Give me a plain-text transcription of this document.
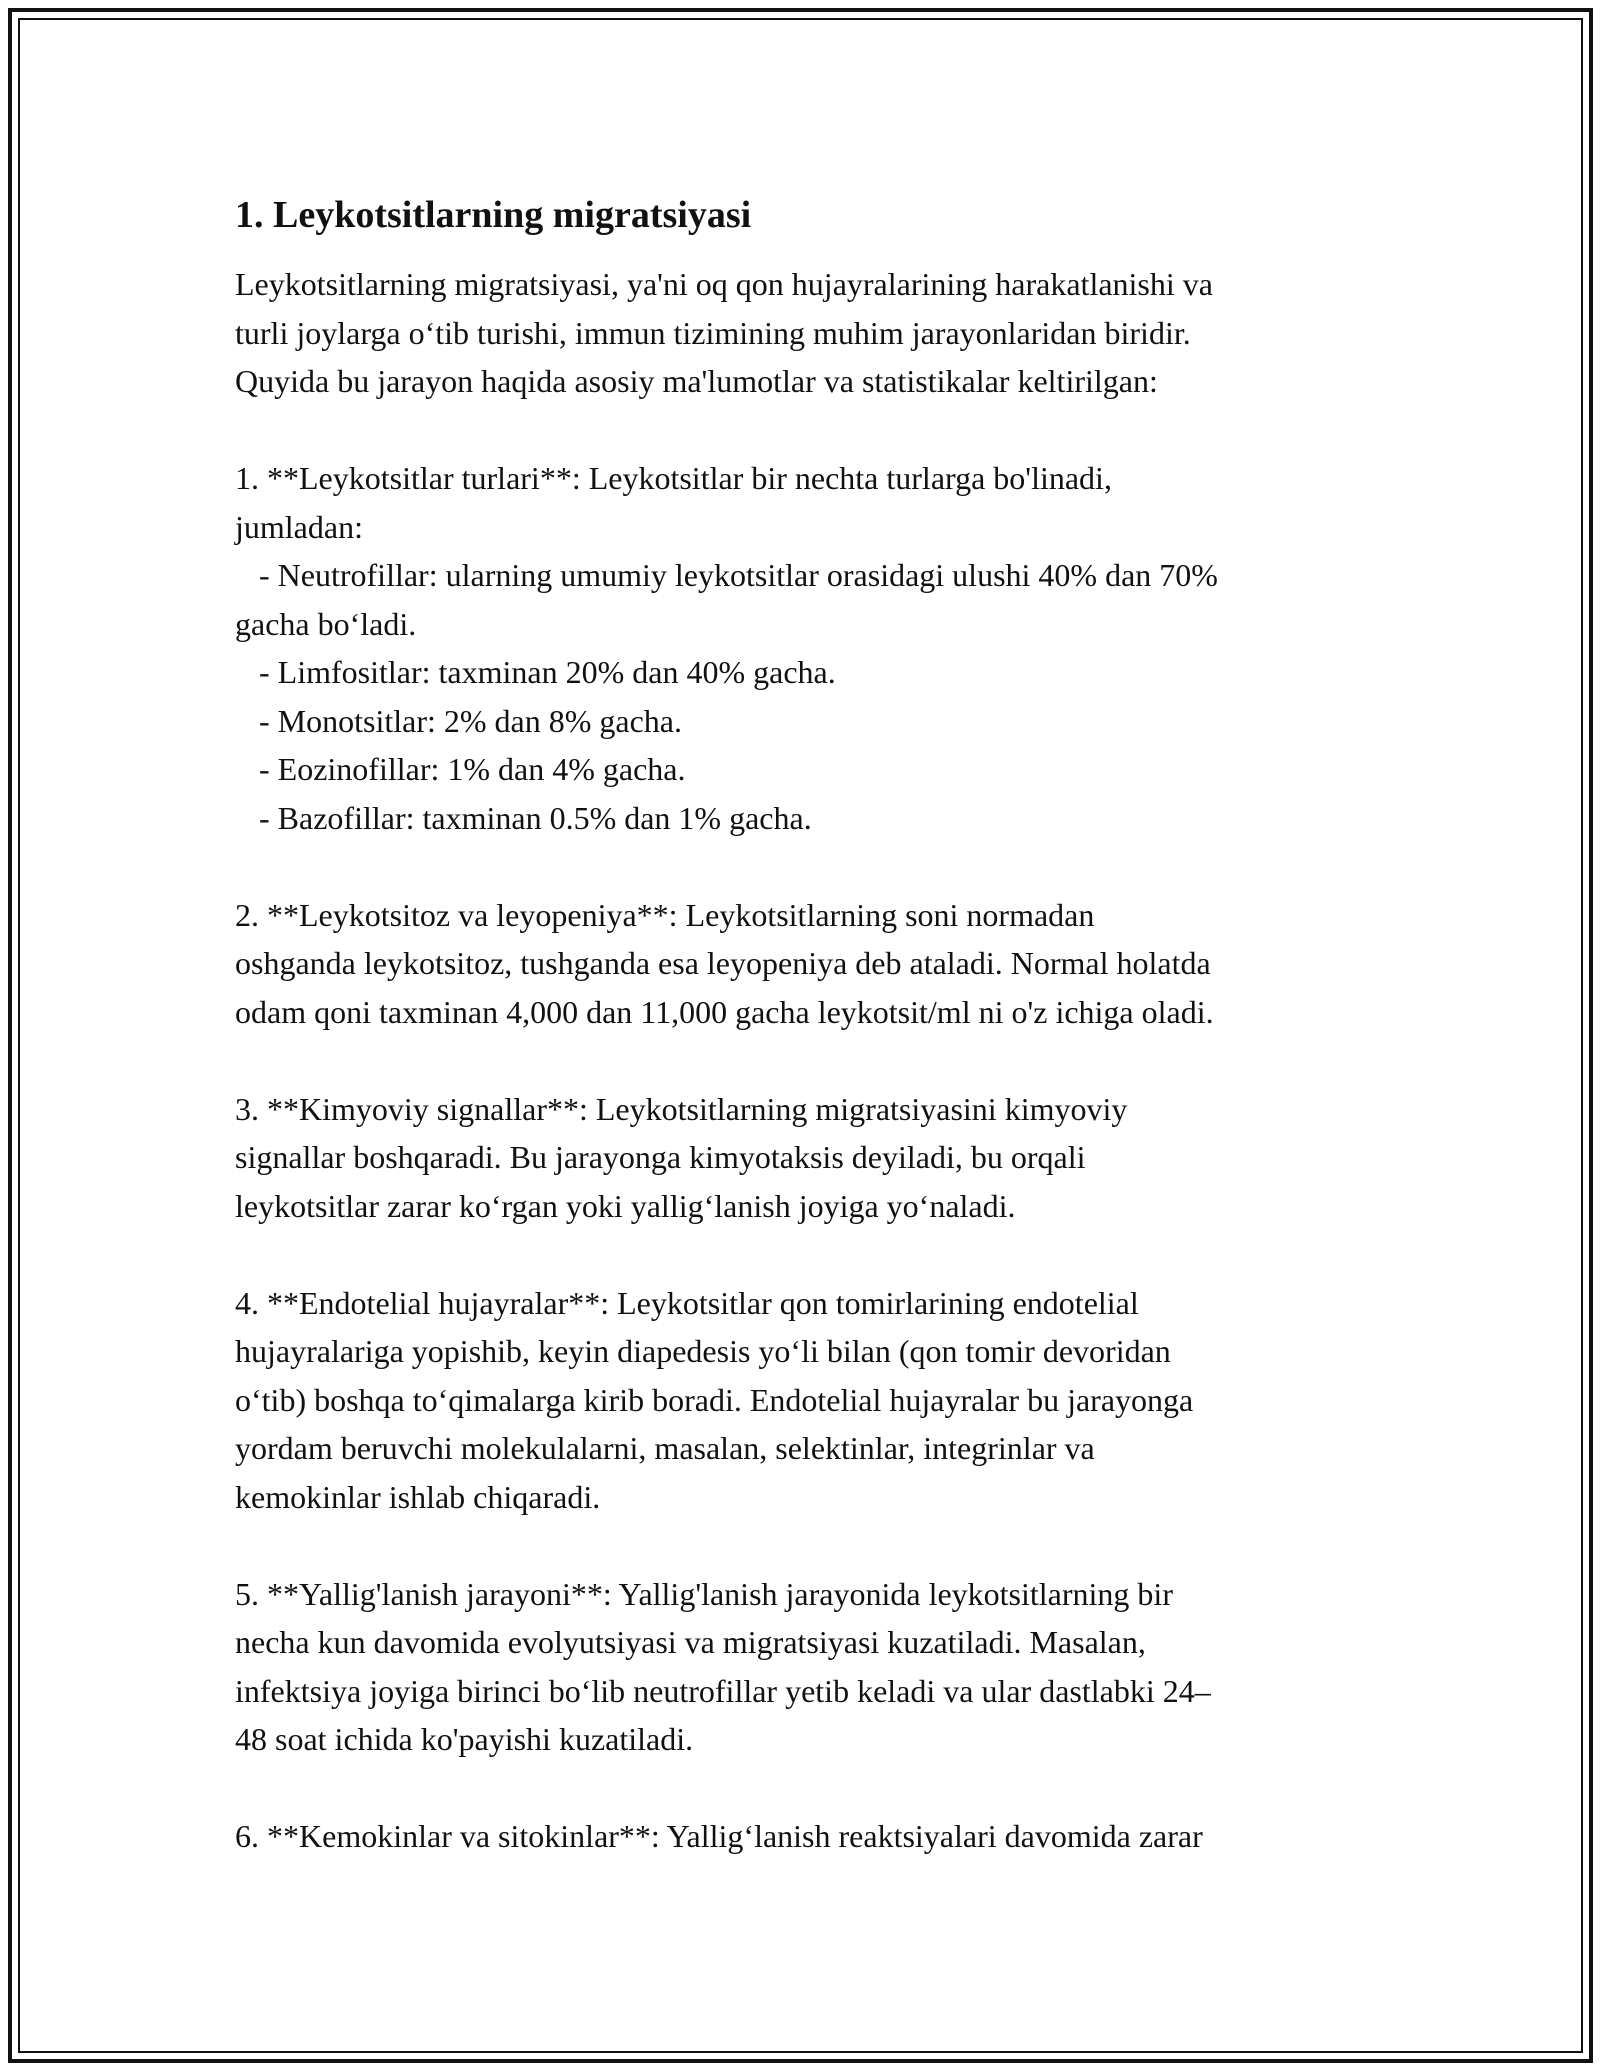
1. Leykotsitlarning migratsiyasi
Leykotsitlarning migratsiyasi, ya'ni oq qon hujayralarining harakatlanishi va
turli joylarga o‘tib turishi, immun tizimining muhim jarayonlaridan biridir.
Quyida bu jarayon haqida asosiy ma'lumotlar va statistikalar keltirilgan:
1. **Leykotsitlar turlari**: Leykotsitlar bir nechta turlarga bo'linadi,
jumladan:
- Neutrofillar: ularning umumiy leykotsitlar orasidagi ulushi 40% dan 70%
gacha bo‘ladi.
- Limfositlar: taxminan 20% dan 40% gacha.
- Monotsitlar: 2% dan 8% gacha.
- Eozinofillar: 1% dan 4% gacha.
- Bazofillar: taxminan 0.5% dan 1% gacha.
2. **Leykotsitoz va leyopeniya**: Leykotsitlarning soni normadan
oshganda leykotsitoz, tushganda esa leyopeniya deb ataladi. Normal holatda
odam qoni taxminan 4,000 dan 11,000 gacha leykotsit/ml ni o'z ichiga oladi.
3. **Kimyoviy signallar**: Leykotsitlarning migratsiyasini kimyoviy
signallar boshqaradi. Bu jarayonga kimyotaksis deyiladi, bu orqali
leykotsitlar zarar ko‘rgan yoki yallig‘lanish joyiga yo‘naladi.
4. **Endotelial hujayralar**: Leykotsitlar qon tomirlarining endotelial
hujayralariga yopishib, keyin diapedesis yo‘li bilan (qon tomir devoridan
o‘tib) boshqa to‘qimalarga kirib boradi. Endotelial hujayralar bu jarayonga
yordam beruvchi molekulalarni, masalan, selektinlar, integrinlar va
kemokinlar ishlab chiqaradi.
5. **Yallig'lanish jarayoni**: Yallig'lanish jarayonida leykotsitlarning bir
necha kun davomida evolyutsiyasi va migratsiyasi kuzatiladi. Masalan,
infektsiya joyiga birinci bo‘lib neutrofillar yetib keladi va ular dastlabki 24–
48 soat ichida ko'payishi kuzatiladi.
6. **Kemokinlar va sitokinlar**: Yallig‘lanish reaktsiyalari davomida zarar
